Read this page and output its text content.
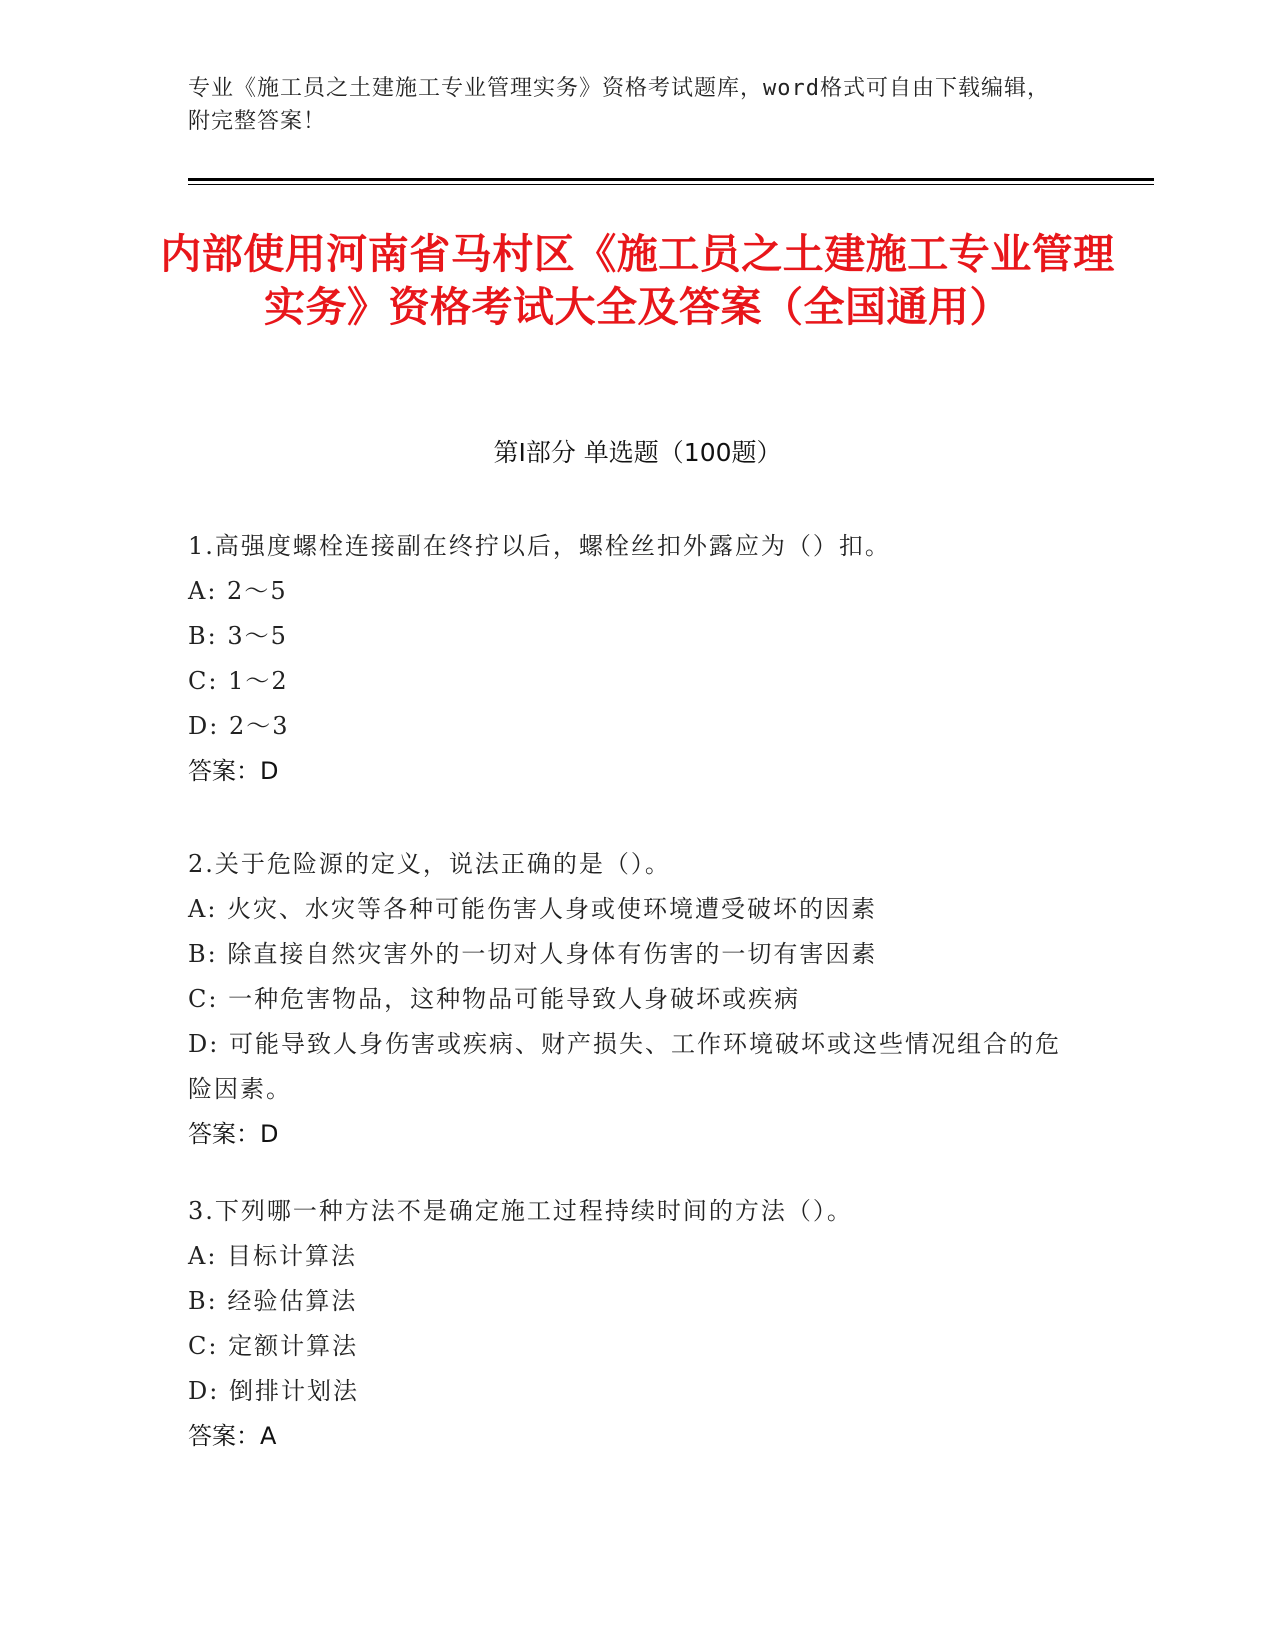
专业《施工员之土建施工专业管理实务》资格考试题库，word格式可自由下载编辑，附完整答案！
内部使用河南省马村区《施工员之土建施工专业管理实务》资格考试大全及答案（全国通用）
第Ⅰ部分 单选题（100题）
1.高强度螺栓连接副在终拧以后，螺栓丝扣外露应为（）扣。
A: 2～5
B: 3～5
C: 1～2
D: 2～3
答案：D
2.关于危险源的定义，说法正确的是（）。
A: 火灾、水灾等各种可能伤害人身或使环境遭受破坏的因素
B: 除直接自然灾害外的一切对人身体有伤害的一切有害因素
C: 一种危害物品，这种物品可能导致人身破坏或疾病
D: 可能导致人身伤害或疾病、财产损失、工作环境破坏或这些情况组合的危险因素。
答案：D
3.下列哪一种方法不是确定施工过程持续时间的方法（）。
A: 目标计算法
B: 经验估算法
C: 定额计算法
D: 倒排计划法
答案：A
